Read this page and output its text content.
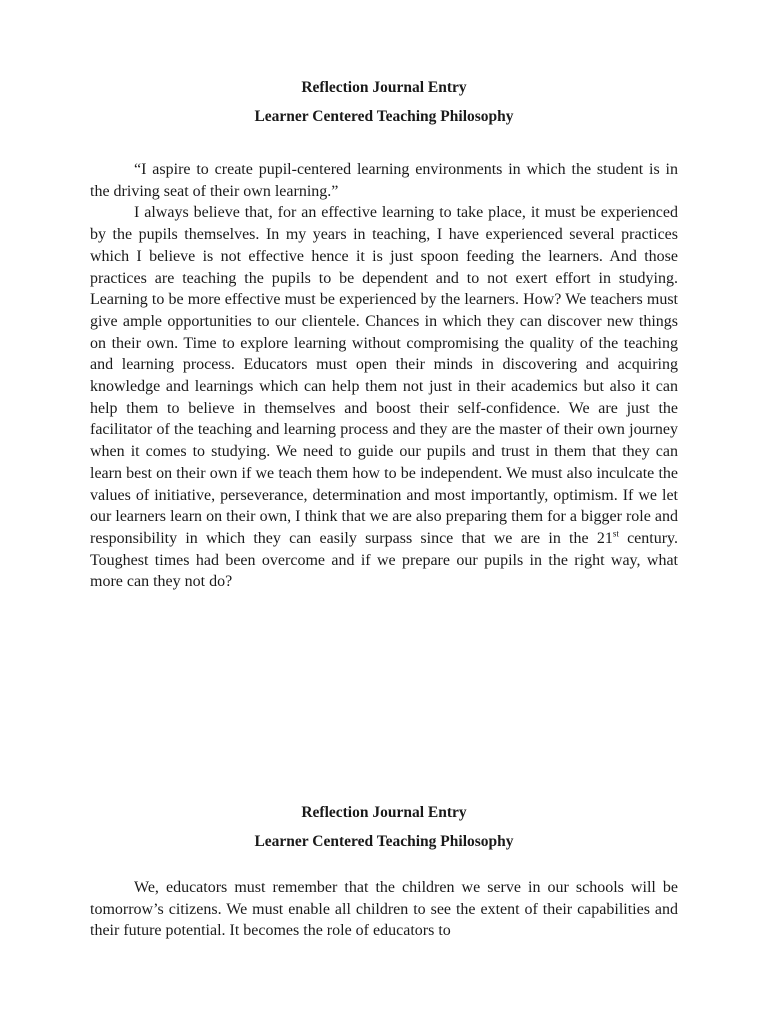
Reflection Journal Entry
Learner Centered Teaching Philosophy

“I aspire to create pupil-centered learning environments in which the student is in the driving seat of their own learning.”

I always believe that, for an effective learning to take place, it must be experienced by the pupils themselves. In my years in teaching, I have experienced several practices which I believe is not effective hence it is just spoon feeding the learners. And those practices are teaching the pupils to be dependent and to not exert effort in studying. Learning to be more effective must be experienced by the learners. How? We teachers must give ample opportunities to our clientele. Chances in which they can discover new things on their own. Time to explore learning without compromising the quality of the teaching and learning process. Educators must open their minds in discovering and acquiring knowledge and learnings which can help them not just in their academics but also it can help them to believe in themselves and boost their self-confidence. We are just the facilitator of the teaching and learning process and they are the master of their own journey when it comes to studying. We need to guide our pupils and trust in them that they can learn best on their own if we teach them how to be independent. We must also inculcate the values of initiative, perseverance, determination and most importantly, optimism. If we let our learners learn on their own, I think that we are also preparing them for a bigger role and responsibility in which they can easily surpass since that we are in the 21st century. Toughest times had been overcome and if we prepare our pupils in the right way, what more can they not do?

Reflection Journal Entry
Learner Centered Teaching Philosophy

We, educators must remember that the children we serve in our schools will be tomorrow’s citizens. We must enable all children to see the extent of their capabilities and their future potential. It becomes the role of educators to
